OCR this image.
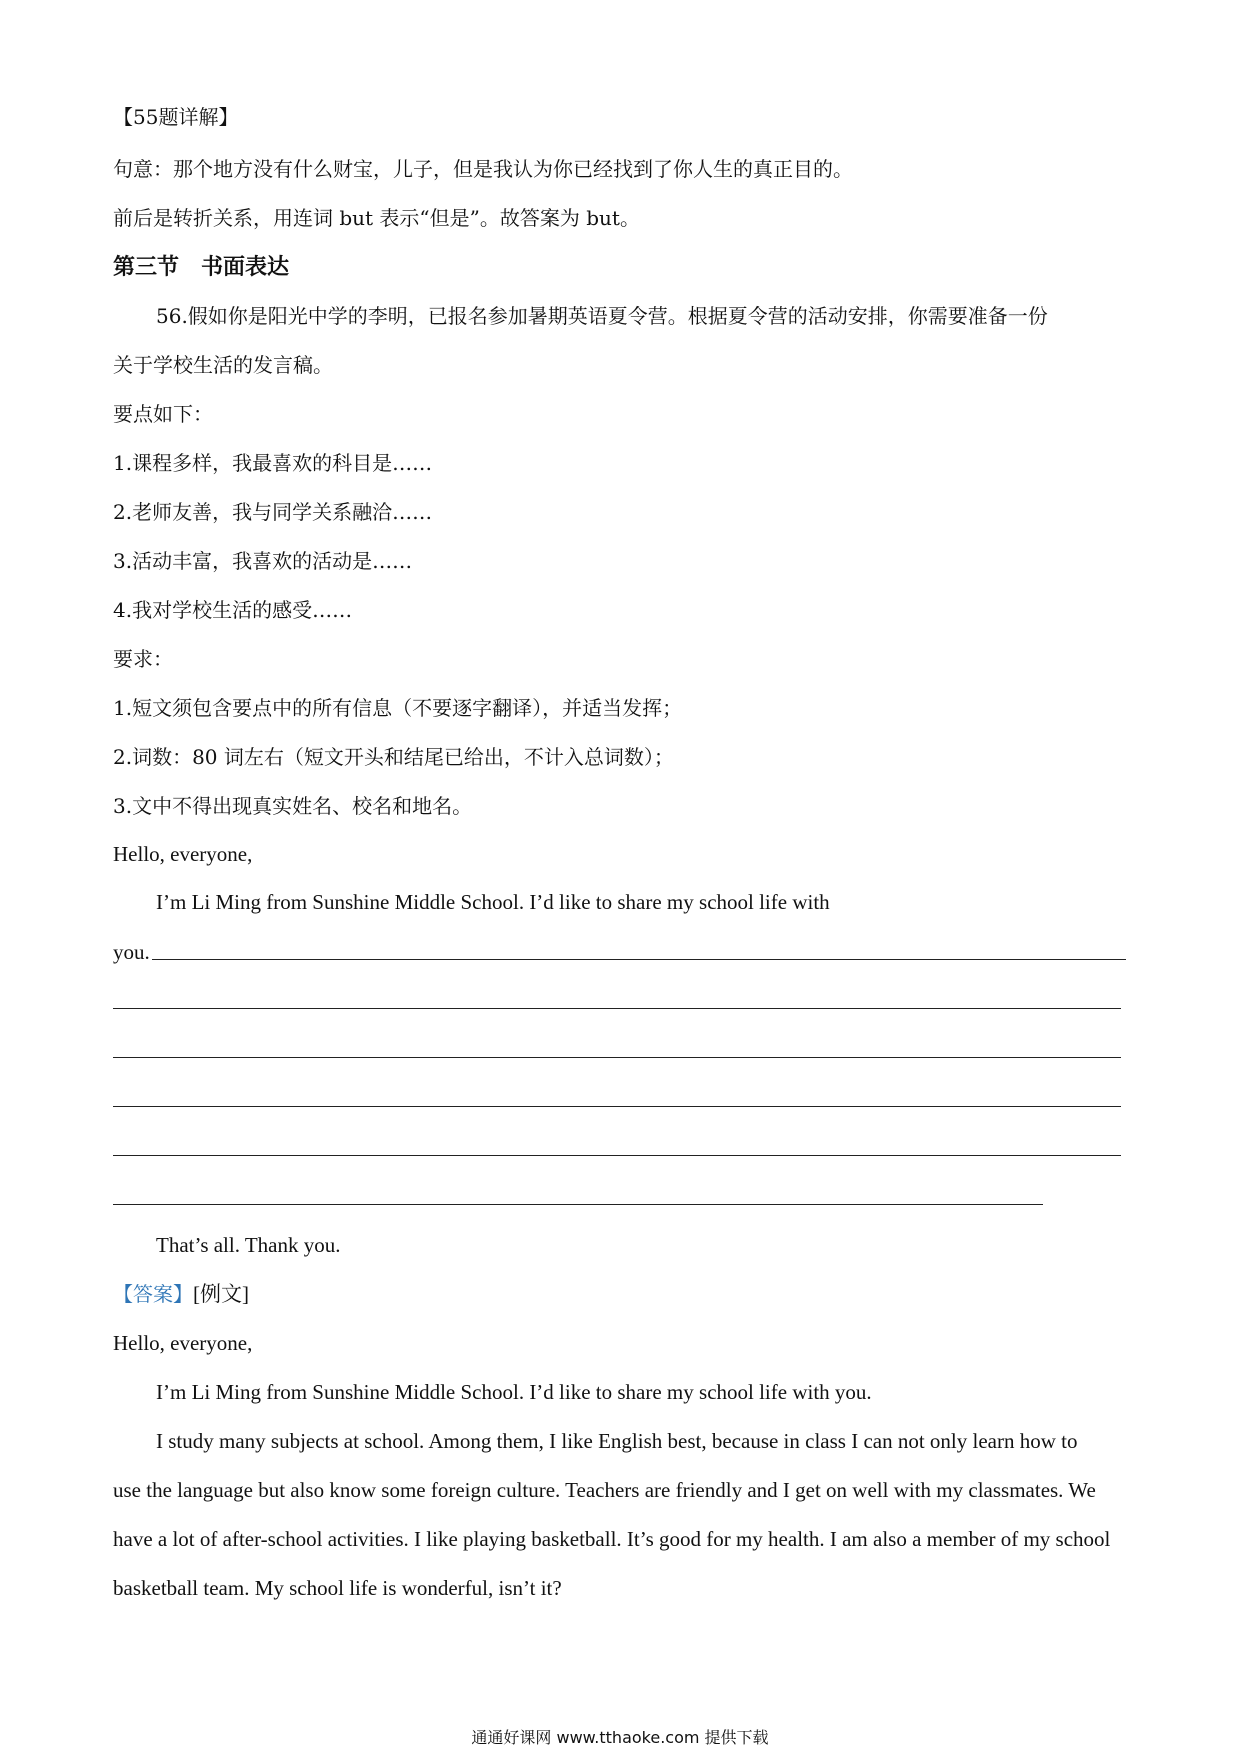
【55题详解】
句意：那个地方没有什么财宝，儿子，但是我认为你已经找到了你人生的真正目的。
前后是转折关系，用连词 but 表示“但是”。故答案为 but。
第三节　书面表达
56.假如你是阳光中学的李明，已报名参加暑期英语夏令营。根据夏令营的活动安排，你需要准备一份
关于学校生活的发言稿。
要点如下：
1.课程多样，我最喜欢的科目是……
2.老师友善，我与同学关系融洽……
3.活动丰富，我喜欢的活动是……
4.我对学校生活的感受……
要求：
1.短文须包含要点中的所有信息（不要逐字翻译），并适当发挥；
2.词数：80 词左右（短文开头和结尾已给出，不计入总词数）；
3.文中不得出现真实姓名、校名和地名。
Hello, everyone,
I’m Li Ming from Sunshine Middle School. I’d like to share my school life with
you.
That’s all. Thank you.
【答案】[例文]
Hello, everyone,
I’m Li Ming from Sunshine Middle School. I’d like to share my school life with you.
I study many subjects at school. Among them, I like English best, because in class I can not only learn how to
use the language but also know some foreign culture. Teachers are friendly and I get on well with my classmates. We
have a lot of after-school activities. I like playing basketball. It’s good for my health. I am also a member of my school
basketball team. My school life is wonderful, isn’t it?
通通好课网 www.tthaoke.com 提供下载
